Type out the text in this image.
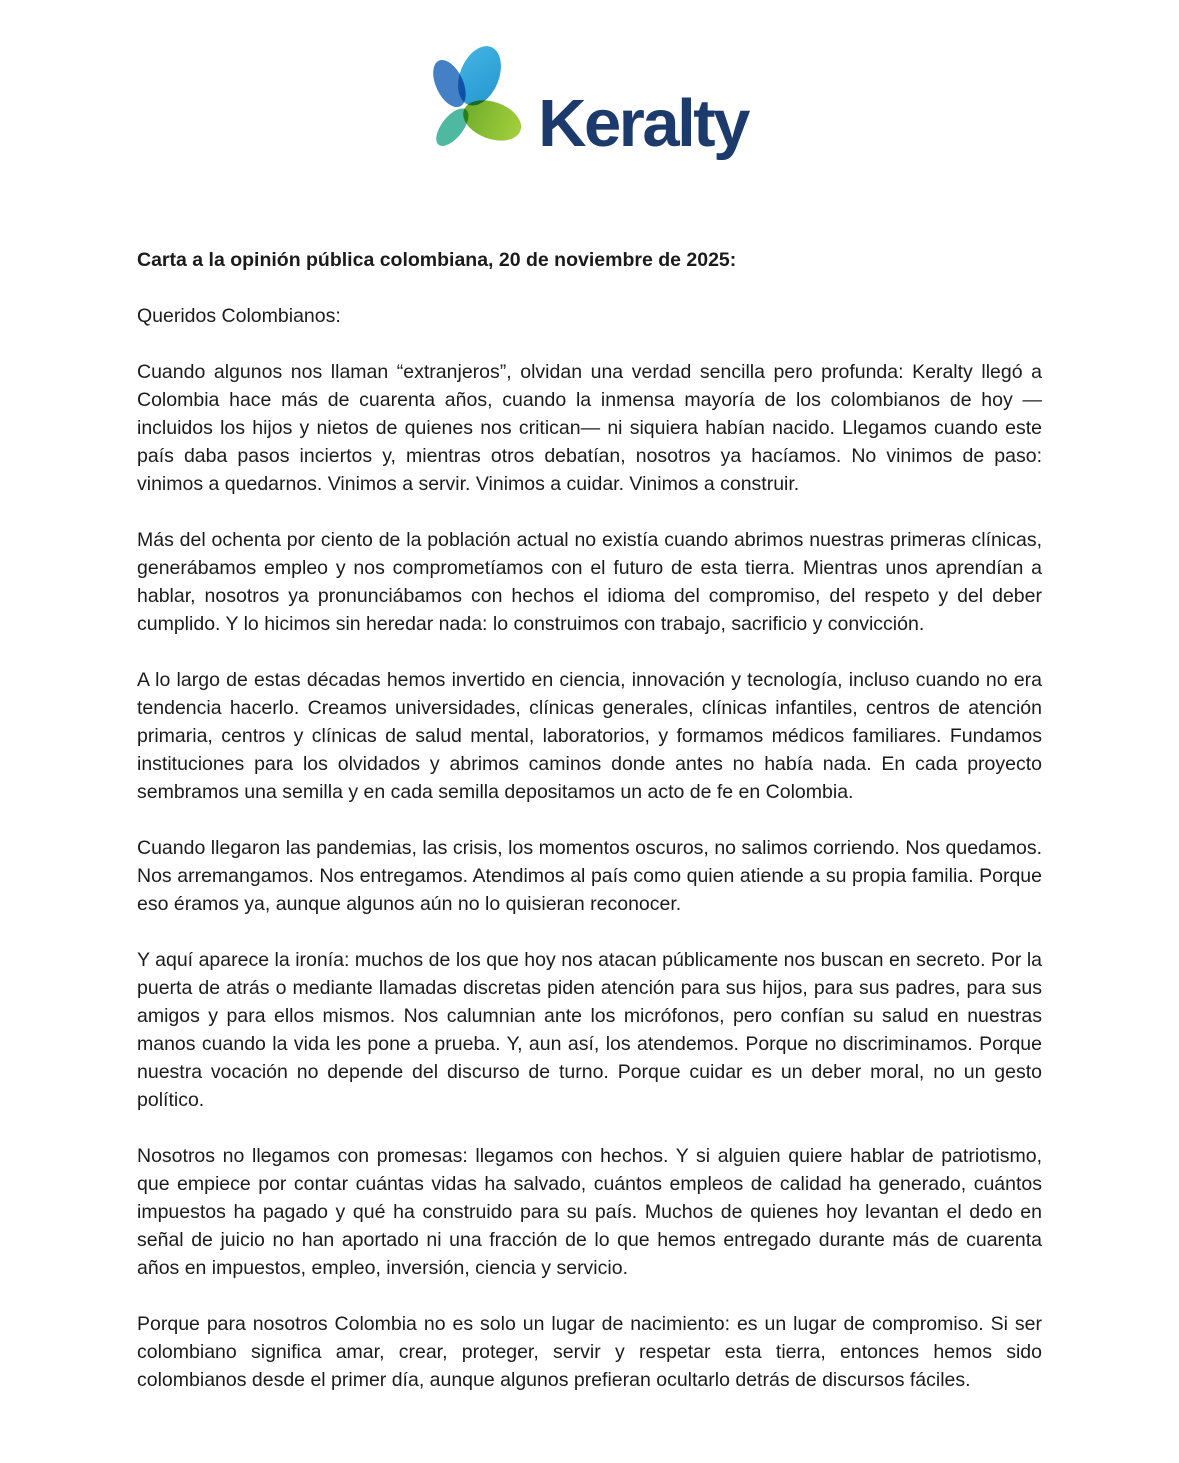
Keralty

Carta a la opinión pública colombiana, 20 de noviembre de 2025:

Queridos Colombianos:

Cuando algunos nos llaman “extranjeros”, olvidan una verdad sencilla pero profunda: Keralty llegó a Colombia hace más de cuarenta años, cuando la inmensa mayoría de los colombianos de hoy —incluidos los hijos y nietos de quienes nos critican— ni siquiera habían nacido. Llegamos cuando este país daba pasos inciertos y, mientras otros debatían, nosotros ya hacíamos. No vinimos de paso: vinimos a quedarnos. Vinimos a servir. Vinimos a cuidar. Vinimos a construir.

Más del ochenta por ciento de la población actual no existía cuando abrimos nuestras primeras clínicas, generábamos empleo y nos comprometíamos con el futuro de esta tierra. Mientras unos aprendían a hablar, nosotros ya pronunciábamos con hechos el idioma del compromiso, del respeto y del deber cumplido. Y lo hicimos sin heredar nada: lo construimos con trabajo, sacrificio y convicción.

A lo largo de estas décadas hemos invertido en ciencia, innovación y tecnología, incluso cuando no era tendencia hacerlo. Creamos universidades, clínicas generales, clínicas infantiles, centros de atención primaria, centros y clínicas de salud mental, laboratorios, y formamos médicos familiares. Fundamos instituciones para los olvidados y abrimos caminos donde antes no había nada. En cada proyecto sembramos una semilla y en cada semilla depositamos un acto de fe en Colombia.

Cuando llegaron las pandemias, las crisis, los momentos oscuros, no salimos corriendo. Nos quedamos. Nos arremangamos. Nos entregamos. Atendimos al país como quien atiende a su propia familia. Porque eso éramos ya, aunque algunos aún no lo quisieran reconocer.

Y aquí aparece la ironía: muchos de los que hoy nos atacan públicamente nos buscan en secreto. Por la puerta de atrás o mediante llamadas discretas piden atención para sus hijos, para sus padres, para sus amigos y para ellos mismos. Nos calumnian ante los micrófonos, pero confían su salud en nuestras manos cuando la vida les pone a prueba. Y, aun así, los atendemos. Porque no discriminamos. Porque nuestra vocación no depende del discurso de turno. Porque cuidar es un deber moral, no un gesto político.

Nosotros no llegamos con promesas: llegamos con hechos. Y si alguien quiere hablar de patriotismo, que empiece por contar cuántas vidas ha salvado, cuántos empleos de calidad ha generado, cuántos impuestos ha pagado y qué ha construido para su país. Muchos de quienes hoy levantan el dedo en señal de juicio no han aportado ni una fracción de lo que hemos entregado durante más de cuarenta años en impuestos, empleo, inversión, ciencia y servicio.

Porque para nosotros Colombia no es solo un lugar de nacimiento: es un lugar de compromiso. Si ser colombiano significa amar, crear, proteger, servir y respetar esta tierra, entonces hemos sido colombianos desde el primer día, aunque algunos prefieran ocultarlo detrás de discursos fáciles.
